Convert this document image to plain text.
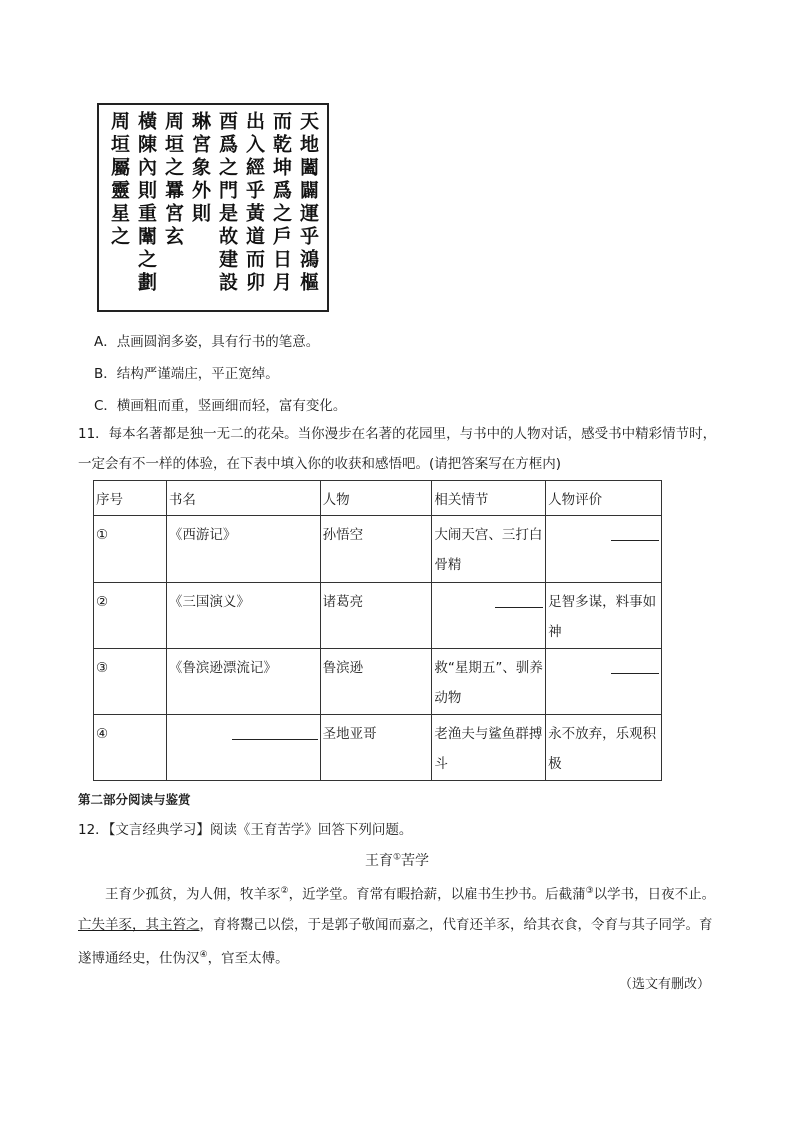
天地闔闢運乎鴻樞
而乾坤爲之戶日月
出入經乎黃道而卯
酉爲之門是故建設
琳宮象外則
周垣之羃宮玄
橫陳內則重闈之劃
周垣屬靈星之
A．点画圆润多姿，具有行书的笔意。
B．结构严谨端庄，平正宽绰。
C．横画粗而重，竖画细而轻，富有变化。
11．每本名著都是独一无二的花朵。当你漫步在名著的花园里，与书中的人物对话，感受书中精彩情节时，一定会有不一样的体验，在下表中填入你的收获和感悟吧。(请把答案写在方框内)
序号	书名	人物	相关情节	人物评价
①	《西游记》	孙悟空	大闹天宫、三打白骨精	
②	《三国演义》	诸葛亮		足智多谋，料事如神
③	《鲁滨逊漂流记》	鲁滨逊	救“星期五”、驯养动物	
④		圣地亚哥	老渔夫与鲨鱼群搏斗	永不放弃，乐观积极
第二部分阅读与鉴赏
12．【文言经典学习】阅读《王育苦学》回答下列问题。
王育①苦学
王育少孤贫，为人佣，牧羊豕②，近学堂。育常有暇拾薪，以雇书生抄书。后截蒲③以学书，日夜不止。亡失羊豕，其主笞之，育将鬻己以偿，于是郭子敬闻而嘉之，代育还羊豕，给其衣食，令育与其子同学。育遂博通经史，仕伪汉④，官至太傅。
（选文有删改）
